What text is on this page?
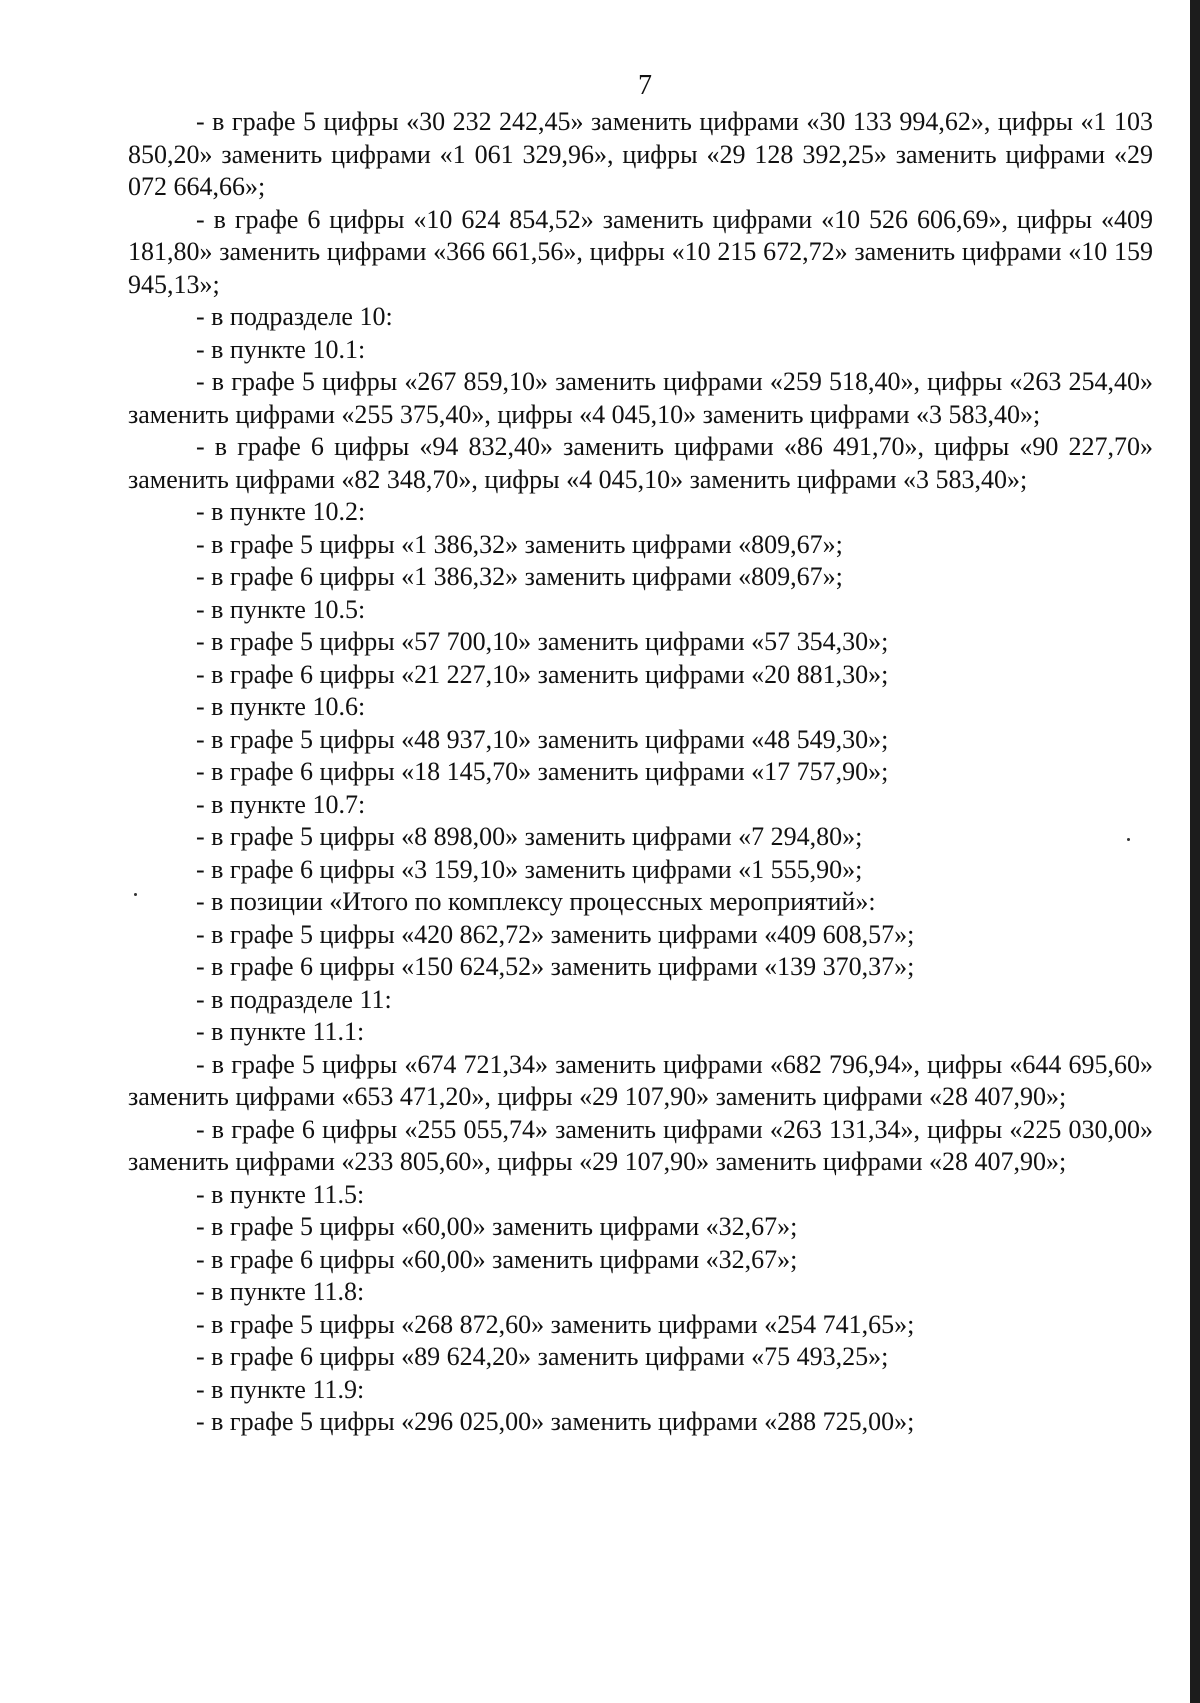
7

- в графе 5 цифры «30 232 242,45» заменить цифрами «30 133 994,62», цифры «1 103 850,20» заменить цифрами «1 061 329,96», цифры «29 128 392,25» заменить цифрами «29 072 664,66»;

- в графе 6 цифры «10 624 854,52» заменить цифрами «10 526 606,69», цифры «409 181,80» заменить цифрами «366 661,56», цифры «10 215 672,72» заменить цифрами «10 159 945,13»;

- в подразделе 10:

- в пункте 10.1:

- в графе 5 цифры «267 859,10» заменить цифрами «259 518,40», цифры «263 254,40» заменить цифрами «255 375,40», цифры «4 045,10» заменить цифрами «3 583,40»;

- в графе 6 цифры «94 832,40» заменить цифрами «86 491,70», цифры «90 227,70» заменить цифрами «82 348,70», цифры «4 045,10» заменить цифрами «3 583,40»;

- в пункте 10.2:

- в графе 5 цифры «1 386,32» заменить цифрами «809,67»;

- в графе 6 цифры «1 386,32» заменить цифрами «809,67»;

- в пункте 10.5:

- в графе 5 цифры «57 700,10» заменить цифрами «57 354,30»;

- в графе 6 цифры «21 227,10» заменить цифрами «20 881,30»;

- в пункте 10.6:

- в графе 5 цифры «48 937,10» заменить цифрами «48 549,30»;

- в графе 6 цифры «18 145,70» заменить цифрами «17 757,90»;

- в пункте 10.7:

- в графе 5 цифры «8 898,00» заменить цифрами «7 294,80»;

- в графе 6 цифры «3 159,10» заменить цифрами «1 555,90»;

- в позиции «Итого по комплексу процессных мероприятий»:

- в графе 5 цифры «420 862,72» заменить цифрами «409 608,57»;

- в графе 6 цифры «150 624,52» заменить цифрами «139 370,37»;

- в подразделе 11:

- в пункте 11.1:

- в графе 5 цифры «674 721,34» заменить цифрами «682 796,94», цифры «644 695,60» заменить цифрами «653 471,20», цифры «29 107,90» заменить цифрами «28 407,90»;

- в графе 6 цифры «255 055,74» заменить цифрами «263 131,34», цифры «225 030,00» заменить цифрами «233 805,60», цифры «29 107,90» заменить цифрами «28 407,90»;

- в пункте 11.5:

- в графе 5 цифры «60,00» заменить цифрами «32,67»;

- в графе 6 цифры «60,00» заменить цифрами «32,67»;

- в пункте 11.8:

- в графе 5 цифры «268 872,60» заменить цифрами «254 741,65»;

- в графе 6 цифры «89 624,20» заменить цифрами «75 493,25»;

- в пункте 11.9:

- в графе 5 цифры «296 025,00» заменить цифрами «288 725,00»;
